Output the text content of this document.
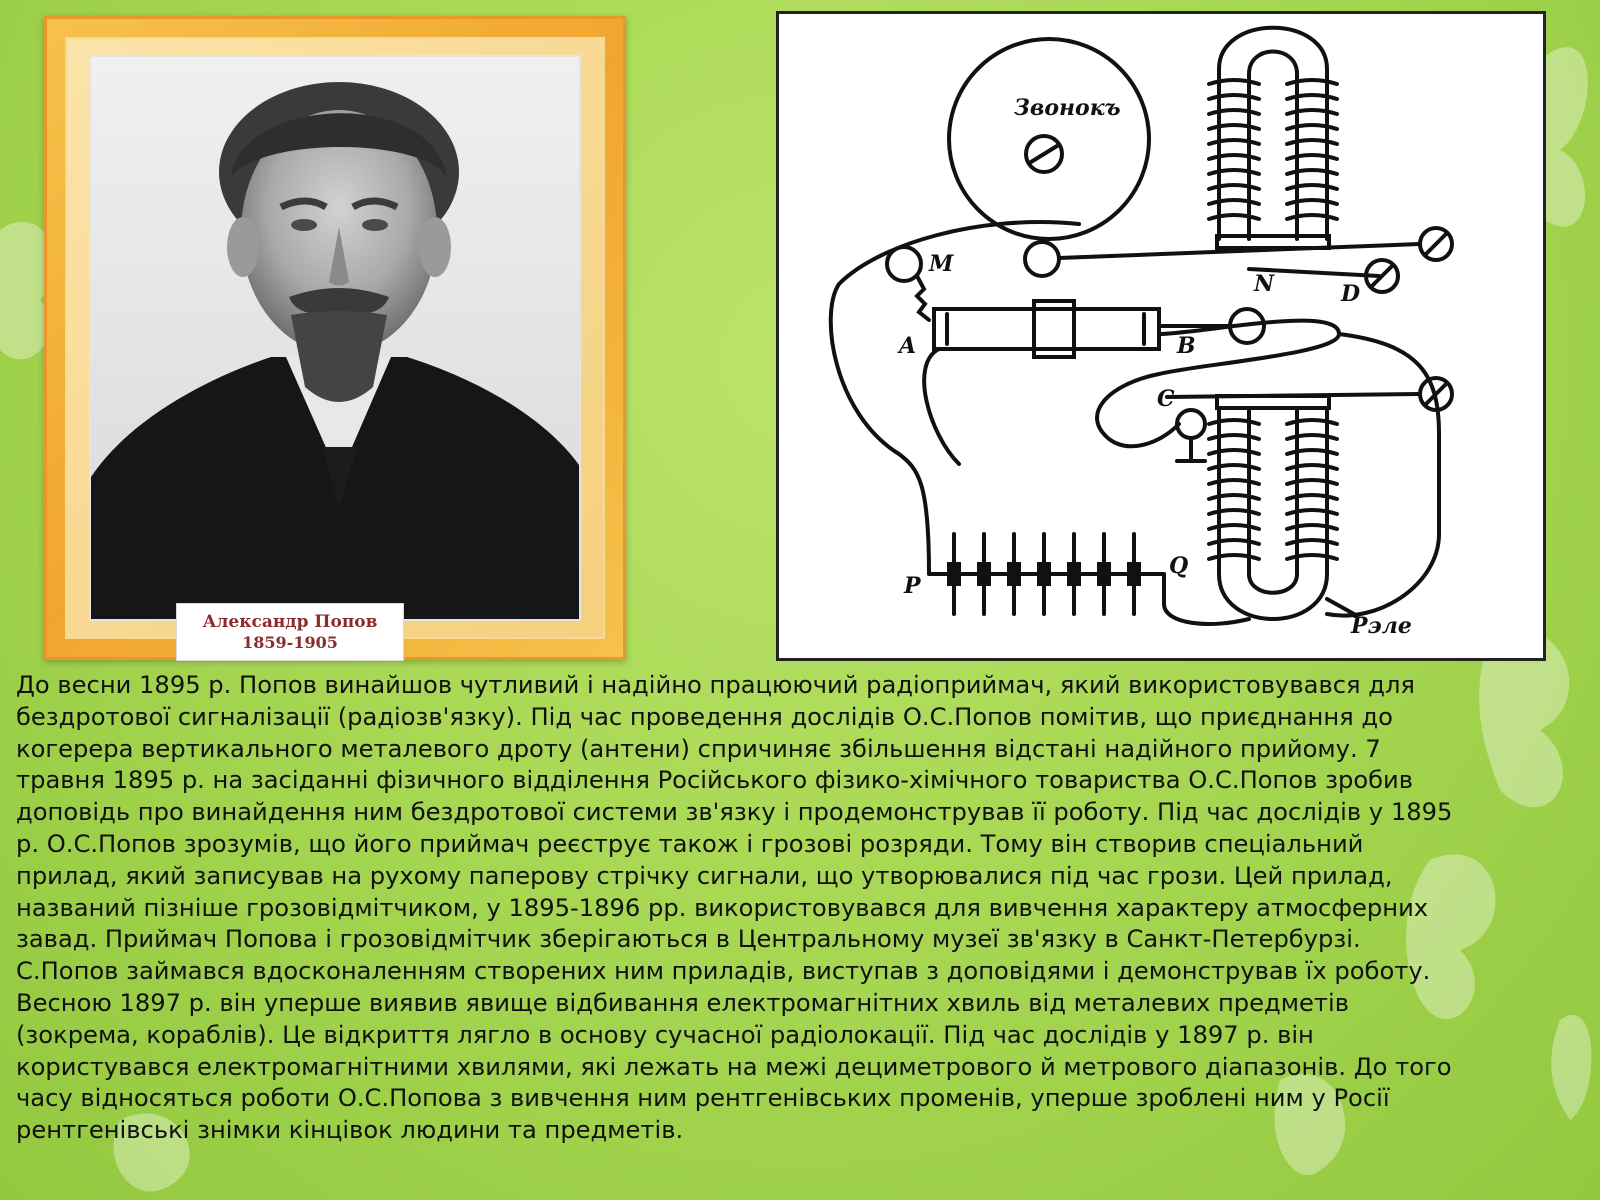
Александр Попов
1859-1905
Звонокъ
M
N	D
A	B
C
P
Q
Pэле
До весни 1895 р. Попов винайшов чутливий і надійно працюючий радіоприймач, який використовувався для
бездротової сигналізації (радіозв'язку). Під час проведення дослідів О.С.Попов помітив, що приєднання до
когерера вертикального металевого дроту (антени) спричиняє збільшення відстані надійного прийому. 7
травня 1895 р. на засіданні фізичного відділення Російського фізико-хімічного товариства О.С.Попов зробив
доповідь про винайдення ним бездротової системи зв'язку і продемонстрував її роботу. Під час дослідів у 1895
р. О.С.Попов зрозумів, що його приймач реєструє також і грозові розряди. Тому він створив спеціальний
прилад, який записував на рухому паперову стрічку сигнали, що утворювалися під час грози. Цей прилад,
названий пізніше грозовідмітчиком, у 1895-1896 рр. використовувався для вивчення характеру атмосферних
завад. Приймач Попова і грозовідмітчик зберігаються в Центральному музеї зв'язку в Санкт-Петербурзі.
С.Попов займався вдосконаленням створених ним приладів, виступав з доповідями і демонстрував їх роботу.
Весною 1897 р. він уперше виявив явище відбивання електромагнітних хвиль від металевих предметів
(зокрема, кораблів). Це відкриття лягло в основу сучасної радіолокації. Під час дослідів у 1897 р. він
користувався електромагнітними хвилями, які лежать на межі дециметрового й метрового діапазонів. До того
часу відносяться роботи О.С.Попова з вивчення ним рентгенівських променів, уперше зроблені ним у Росії
рентгенівські знімки кінцівок людини та предметів.
